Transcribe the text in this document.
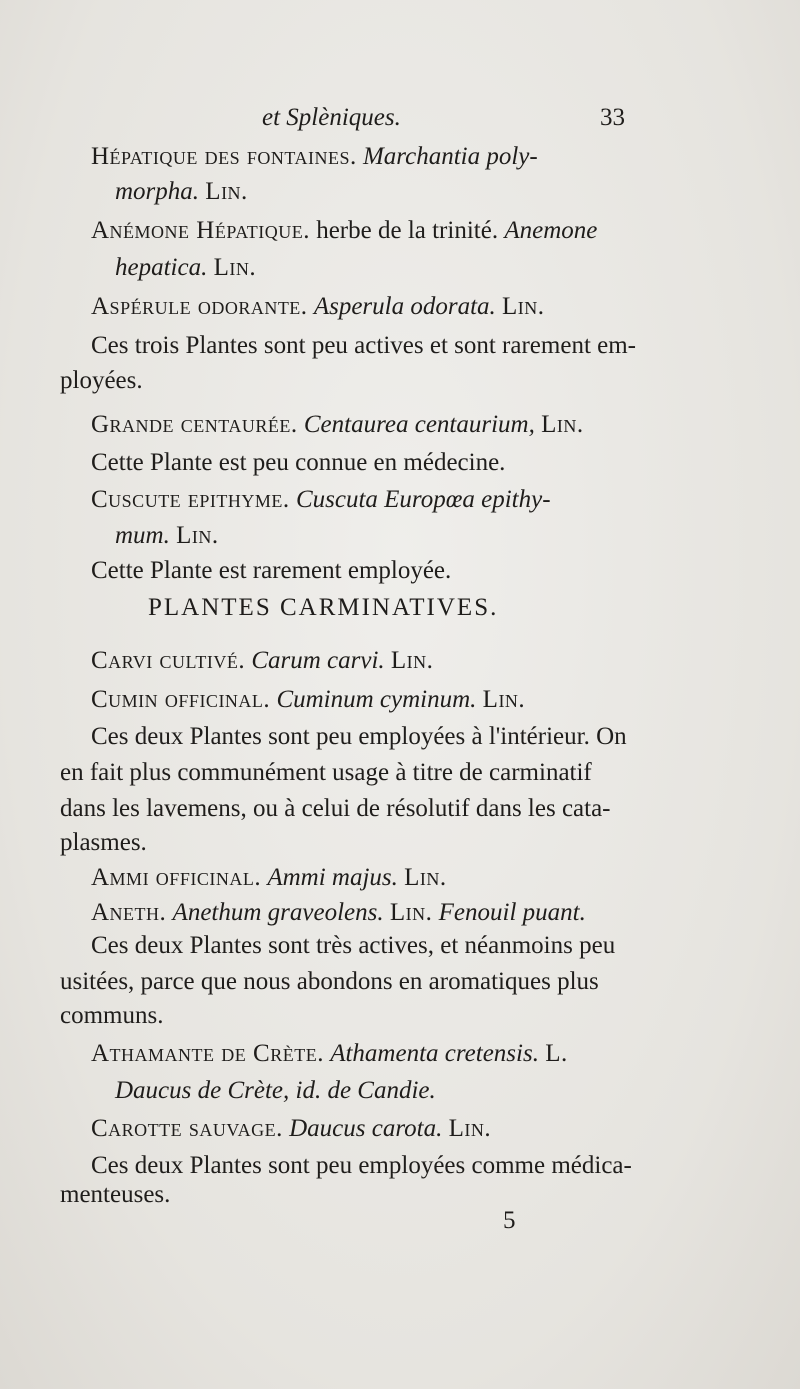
et Splèniques.	33
Hépatique des fontaines. Marchantia poly-
morpha. Lin.
Anémone Hépatique. herbe de la trinité. Anemone
hepatica. Lin.
Aspérule odorante. Asperula odorata. Lin.
Ces trois Plantes sont peu actives et sont rarement em-
ployées.
Grande centaurée. Centaurea centaurium, Lin.
Cette Plante est peu connue en médecine.
Cuscute epithyme. Cuscuta Europœa epithy-
mum. Lin.
Cette Plante est rarement employée.
PLANTES CARMINATIVES.
Carvi cultivé. Carum carvi. Lin.
Cumin officinal. Cuminum cyminum. Lin.
Ces deux Plantes sont peu employées à l'intérieur. On
en fait plus communément usage à titre de carminatif
dans les lavemens, ou à celui de résolutif dans les cata-
plasmes.
Ammi officinal. Ammi majus. Lin.
Aneth. Anethum graveolens. Lin. Fenouil puant.
Ces deux Plantes sont très actives, et néanmoins peu
usitées, parce que nous abondons en aromatiques plus
communs.
Athamante de Crète. Athamenta cretensis. L.
Daucus de Crète, id. de Candie.
Carotte sauvage. Daucus carota. Lin.
Ces deux Plantes sont peu employées comme médica-
menteuses.
5
